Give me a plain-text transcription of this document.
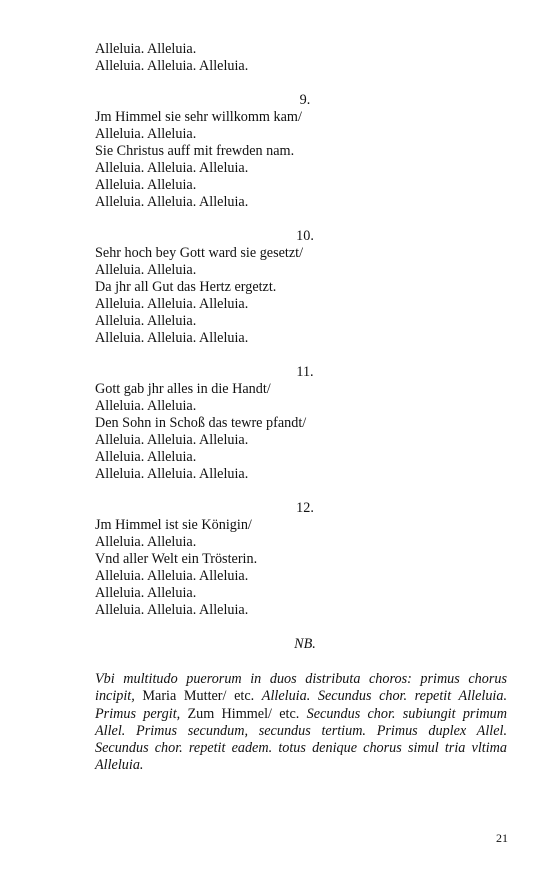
Alleluia. Alleluia.
Alleluia. Alleluia. Alleluia.
9.
Jm Himmel sie sehr willkomm kam/
Alleluia. Alleluia.
Sie Christus auff mit frewden nam.
Alleluia. Alleluia. Alleluia.
Alleluia. Alleluia.
Alleluia. Alleluia. Alleluia.
10.
Sehr hoch bey Gott ward sie gesetzt/
Alleluia. Alleluia.
Da jhr all Gut das Hertz ergetzt.
Alleluia. Alleluia. Alleluia.
Alleluia. Alleluia.
Alleluia. Alleluia. Alleluia.
11.
Gott gab jhr alles in die Handt/
Alleluia. Alleluia.
Den Sohn in Schoß das tewre pfandt/
Alleluia. Alleluia. Alleluia.
Alleluia. Alleluia.
Alleluia. Alleluia. Alleluia.
12.
Jm Himmel ist sie Königin/
Alleluia. Alleluia.
Vnd aller Welt ein Trösterin.
Alleluia. Alleluia. Alleluia.
Alleluia. Alleluia.
Alleluia. Alleluia. Alleluia.
NB.
Vbi multitudo puerorum in duos distributa choros: primus chorus incipit, Maria Mutter/ etc. Alleluia. Secundus chor. repetit Alleluia. Primus pergit, Zum Himmel/ etc. Secundus chor. subiungit primum Allel. Primus secundum, secundus tertium. Primus duplex Allel. Secundus chor. repetit eadem. totus denique chorus simul tria vltima Alleluia.
21
